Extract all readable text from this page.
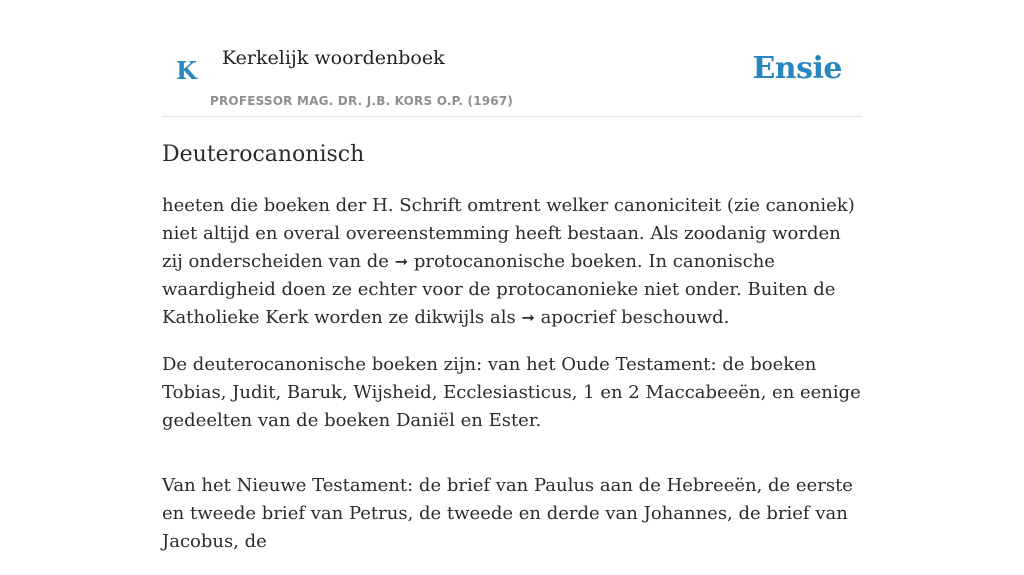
K Kerkelijk woordenboek
PROFESSOR MAG. DR. J.B. KORS O.P. (1967)
Ensie
Deuterocanonisch

heeten die boeken der H. Schrift omtrent welker canoniciteit (zie canoniek) niet altijd en overal overeenstemming heeft bestaan. Als zoodanig worden zij onderscheiden van de ➞ protocanonische boeken. In canonische waardigheid doen ze echter voor de protocanonieke niet onder. Buiten de Katholieke Kerk worden ze dikwijls als ➞ apocrief beschouwd.

De deuterocanonische boeken zijn: van het Oude Testament: de boeken Tobias, Judit, Baruk, Wijsheid, Ecclesiasticus, 1 en 2 Maccabeeën, en eenige gedeelten van de boeken Daniël en Ester.

Van het Nieuwe Testament: de brief van Paulus aan de Hebreeën, de eerste en tweede brief van Petrus, de tweede en derde van Johannes, de brief van Jacobus, de
